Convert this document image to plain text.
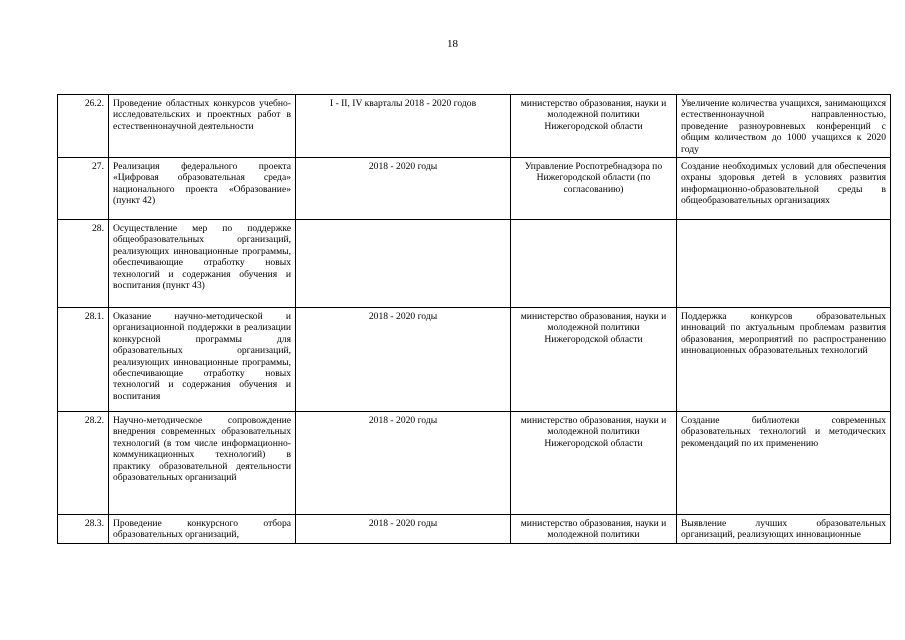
18
26.2.	Проведение областных конкурсов учебно-исследовательских и проектных работ в естественнонаучной деятельности	I - II, IV кварталы 2018 - 2020 годов	министерство образования, науки и молодежной политики Нижегородской области	Увеличение количества учащихся, занимающихся естественнонаучной направленностью, проведение разноуровневых конференций с общим количеством до 1000 учащихся к 2020 году
27.	Реализация федерального проекта «Цифровая образовательная среда» национального проекта «Образование» (пункт 42)	2018 - 2020 годы	Управление Роспотребнадзора по Нижегородской области (по согласованию)	Создание необходимых условий для обеспечения охраны здоровья детей в условиях развития информационно-образовательной среды в общеобразовательных организациях
28.	Осуществление мер по поддержке общеобразовательных организаций, реализующих инновационные программы, обеспечивающие отработку новых технологий и содержания обучения и воспитания (пункт 43)			
28.1.	Оказание научно-методической и организационной поддержки в реализации конкурсной программы для образовательных организаций, реализующих инновационные программы, обеспечивающие отработку новых технологий и содержания обучения и воспитания	2018 - 2020 годы	министерство образования, науки и молодежной политики Нижегородской области	Поддержка конкурсов образовательных инноваций по актуальным проблемам развития образования, мероприятий по распространению инновационных образовательных технологий
28.2.	Научно-методическое сопровождение внедрения современных образовательных технологий (в том числе информационно-коммуникационных технологий) в практику образовательной деятельности образовательных организаций	2018 - 2020 годы	министерство образования, науки и молодежной политики Нижегородской области	Создание библиотеки современных образовательных технологий и методических рекомендаций по их применению
28.3.	Проведение конкурсного отбора образовательных организаций,	2018 - 2020 годы	министерство образования, науки и молодежной политики	Выявление лучших образовательных организаций, реализующих инновационные
